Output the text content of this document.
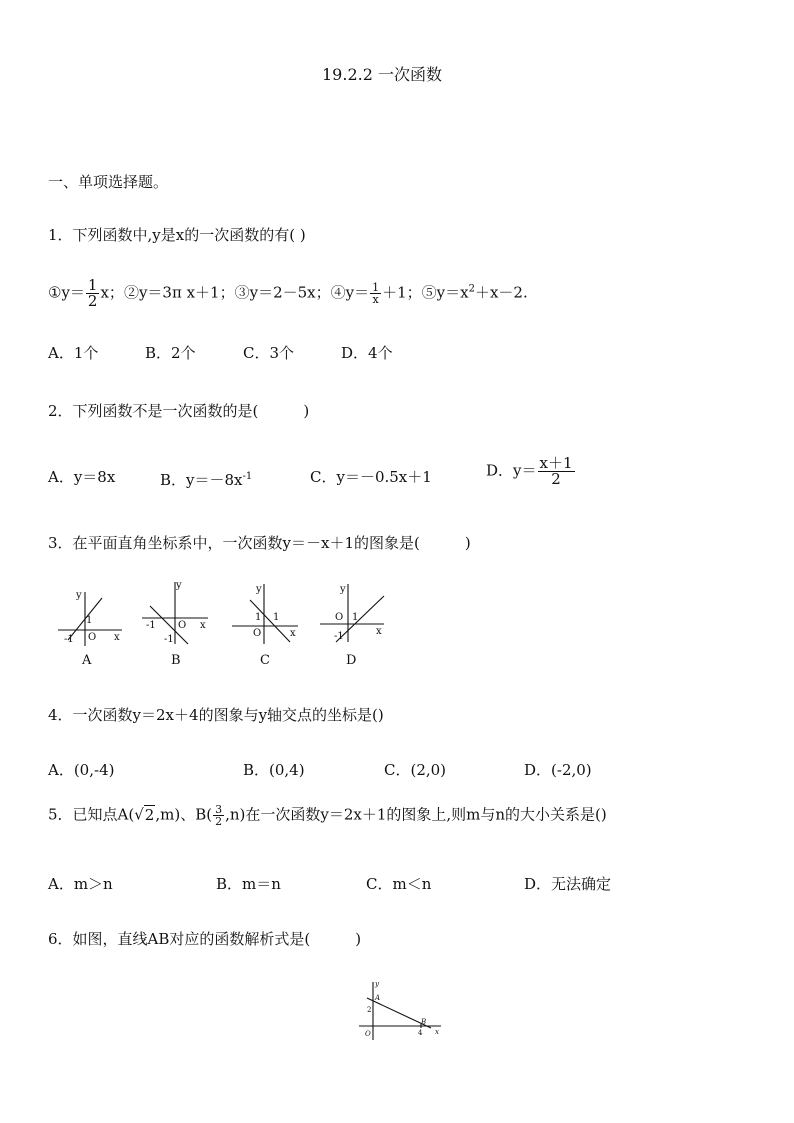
19.2.2 一次函数
一、单项选择题。
1．下列函数中,y是x的一次函数的有( )
①y＝ $\frac{1}{2}$ x；②y＝3π x＋1；③y＝2－5x；④y＝ $\frac{1}{x} +1$；$⑤y=x^2+x-2$.
A．1个	B．2个	C．3个	D．4个
2．下列函数不是一次函数的是(　　　)
A．y＝8x	B．$y=-8x^{-1}$	C．y＝－0.5x＋1	D．$y= \frac{x+1}{2}$
3．在平面直角坐标系中，一次函数y＝－x＋1的图象是(　　　)
y
1
-1 O x
A
y
-1
-1
O x
B
y
1 1
O	x
C
y
O
-1
1
x
D
4．一次函数y＝2x＋4的图象与y轴交点的坐标是()
A．(0,-4)	B．(0,4)	C．(2,0)	D．(-2,0)
5．已知点A(√2,m)、$B( \frac{3}{2} ,n)$在一次函数y＝2x＋1的图象上,则m与n的大小关系是()
A．m＞n	B．m＝n	C．m＜n	D．无法确定
6．如图，直线AB对应的函数解析式是(　　　)
y
A
2
O
B
4 x
